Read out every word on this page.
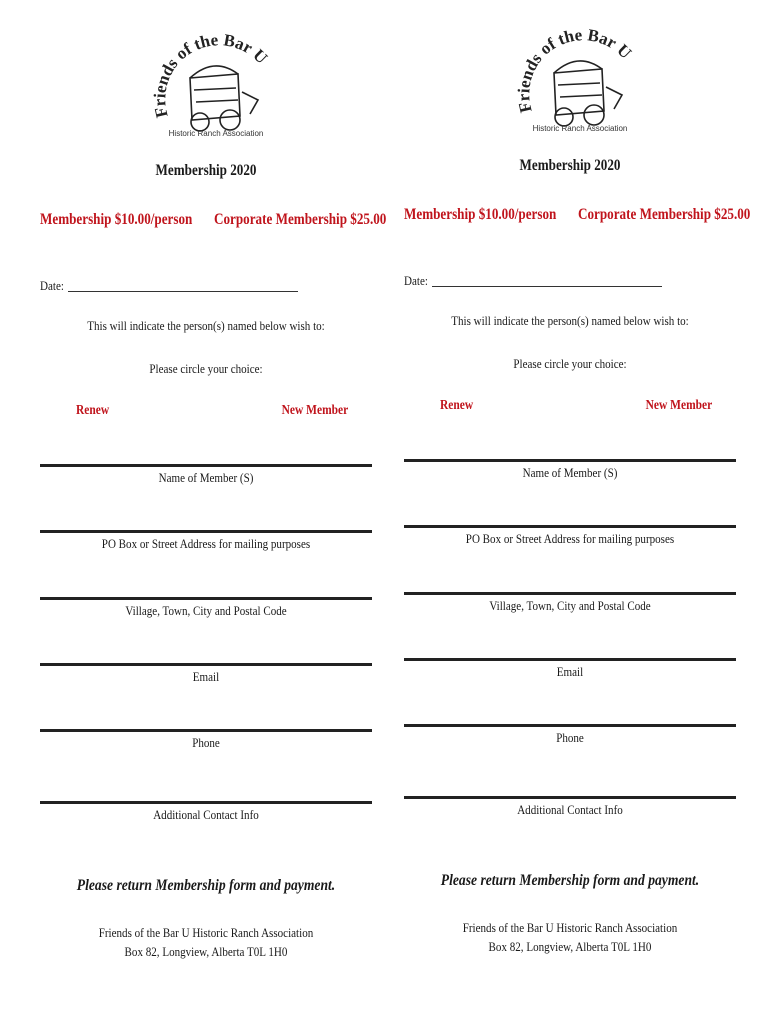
Friends of the Bar U
Historic Ranch Association
Membership 2020
Membership $10.00/person Corporate Membership $25.00
Date:
This will indicate the person(s) named below wish to:
Please circle your choice:
Renew	New Member
Name of Member (S)
PO Box or Street Address for mailing purposes
Village, Town, City and Postal Code
Email
Phone
Additional Contact Info
Please return Membership form and payment.
Friends of the Bar U Historic Ranch Association
Box 82, Longview, Alberta T0L 1H0
Friends of the Bar U
Historic Ranch Association
Membership 2020
Membership $10.00/person Corporate Membership $25.00
Date:
This will indicate the person(s) named below wish to:
Please circle your choice:
Renew	New Member
Name of Member (S)
PO Box or Street Address for mailing purposes
Village, Town, City and Postal Code
Email
Phone
Additional Contact Info
Please return Membership form and payment.
Friends of the Bar U Historic Ranch Association
Box 82, Longview, Alberta T0L 1H0
